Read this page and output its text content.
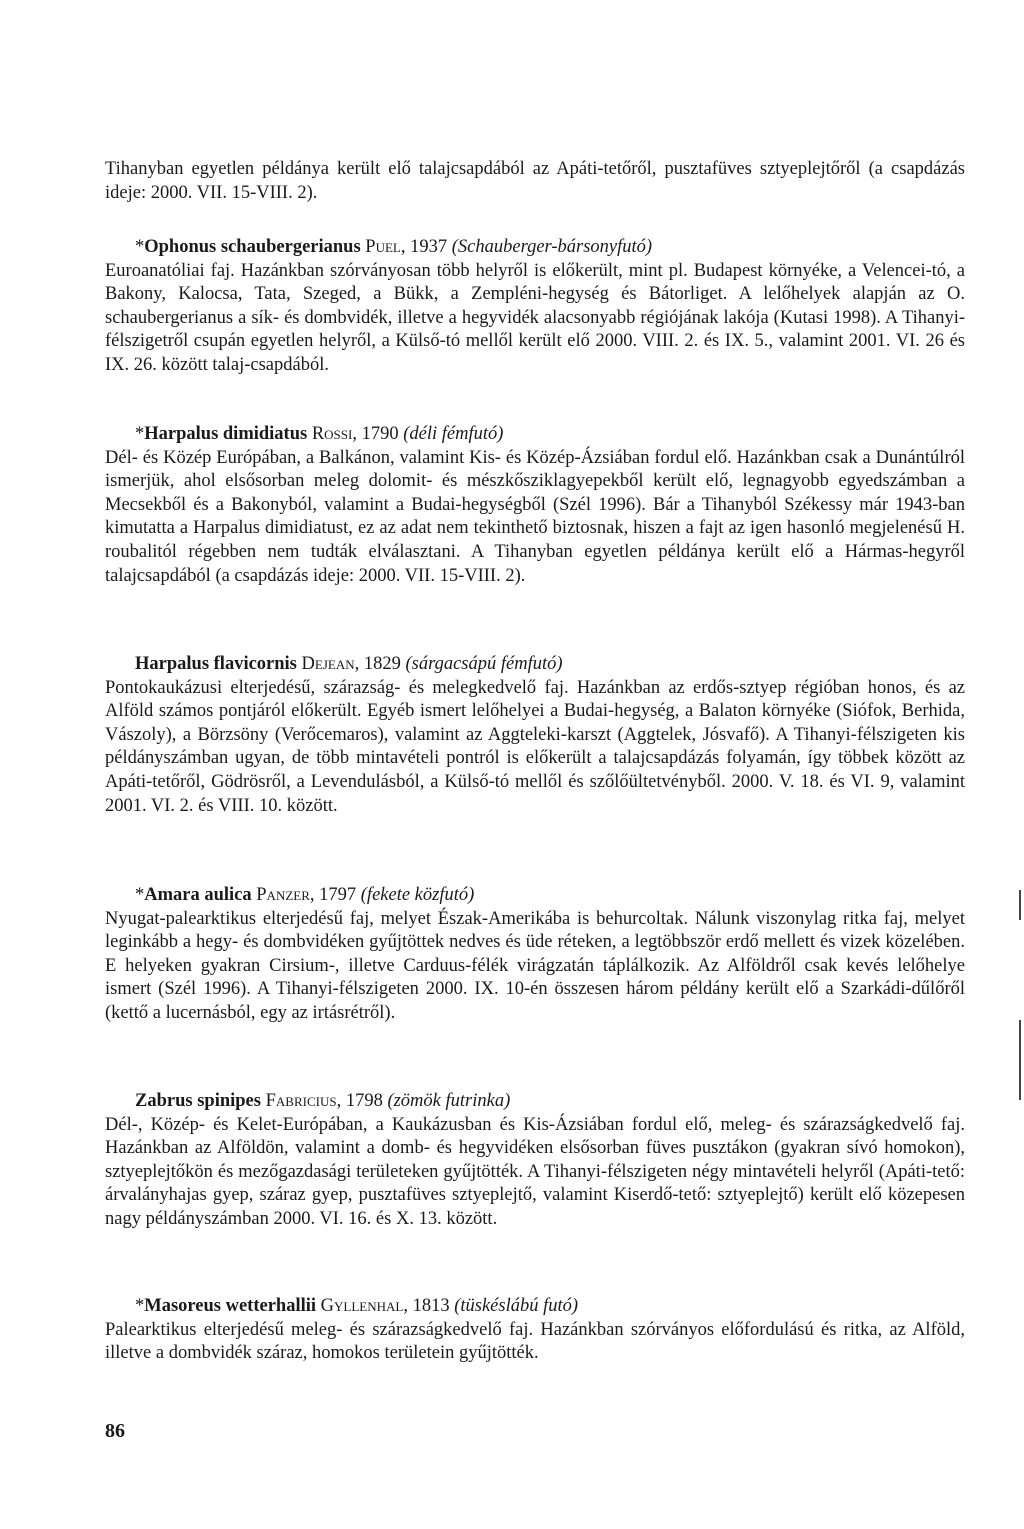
Tihanyban egyetlen példánya került elő talajcsapdából az Apáti-tetőről, pusztafüves sztyeplejtőről (a csapdázás ideje: 2000. VII. 15-VIII. 2).

*Ophonus schaubergerianus Puel, 1937 (Schauberger-bársonyfutó)
Euroanatóliai faj. Hazánkban szórványosan több helyről is előkerült, mint pl. Budapest környéke, a Velencei-tó, a Bakony, Kalocsa, Tata, Szeged, a Bükk, a Zempléni-hegység és Bátorliget. A lelőhelyek alapján az O. schaubergerianus a sík- és dombvidék, illetve a hegyvidék alacsonyabb régiójának lakója (Kutasi 1998). A Tihanyi-félszigetről csupán egyetlen helyről, a Külső-tó mellől került elő 2000. VIII. 2. és IX. 5., valamint 2001. VI. 26 és IX. 26. között talaj-csapdából.
*Harpalus dimidiatus Rossi, 1790 (déli fémfutó)
Dél- és Közép Európában, a Balkánon, valamint Kis- és Közép-Ázsiában fordul elő. Hazánkban csak a Dunántúlról ismerjük, ahol elsősorban meleg dolomit- és mészkősziklagyepekből került elő, legnagyobb egyedszámban a Mecsekből és a Bakonyból, valamint a Budai-hegységből (Szél 1996). Bár a Tihanyból Székessy már 1943-ban kimutatta a Harpalus dimidiatust, ez az adat nem tekinthető biztosnak, hiszen a fajt az igen hasonló megjelenésű H. roubalitól régebben nem tudták elválasztani. A Tihanyban egyetlen példánya került elő a Hármas-hegyről talajcsapdából (a csapdázás ideje: 2000. VII. 15-VIII. 2).
Harpalus flavicornis Dejean, 1829 (sárgacsápú fémfutó)
Pontokaukázusi elterjedésű, szárazság- és melegkedvelő faj. Hazánkban az erdős-sztyep régióban honos, és az Alföld számos pontjáról előkerült. Egyéb ismert lelőhelyei a Budai-hegység, a Balaton környéke (Siófok, Berhida, Vászoly), a Börzsöny (Verőcemaros), valamint az Aggteleki-karszt (Aggtelek, Jósvafő). A Tihanyi-félszigeten kis példányszámban ugyan, de több mintavételi pontról is előkerült a talajcsapdázás folyamán, így többek között az Apáti-tetőről, Gödrösről, a Levendulásból, a Külső-tó mellől és szőlőültetvényből. 2000. V. 18. és VI. 9, valamint 2001. VI. 2. és VIII. 10. között.
*Amara aulica Panzer, 1797 (fekete közfutó)
Nyugat-palearktikus elterjedésű faj, melyet Észak-Amerikába is behurcoltak. Nálunk viszonylag ritka faj, melyet leginkább a hegy- és dombvidéken gyűjtöttek nedves és üde réteken, a legtöbbször erdő mellett és vizek közelében. E helyeken gyakran Cirsium-, illetve Carduus-félék virágzatán táplálkozik. Az Alföldről csak kevés lelőhelye ismert (Szél 1996). A Tihanyi-félszigeten 2000. IX. 10-én összesen három példány került elő a Szarkádi-dűlőről (kettő a lucernásból, egy az irtásrétről).
Zabrus spinipes Fabricius, 1798 (zömök futrinka)
Dél-, Közép- és Kelet-Európában, a Kaukázusban és Kis-Ázsiában fordul elő, meleg- és szárazságkedvelő faj. Hazánkban az Alföldön, valamint a domb- és hegyvidéken elsősorban füves pusztákon (gyakran sívó homokon), sztyeplejtőkön és mezőgazdasági területeken gyűjtötték. A Tihanyi-félszigeten négy mintavételi helyről (Apáti-tető: árvalányhajas gyep, száraz gyep, pusztafüves sztyeplejtő, valamint Kiserdő-tető: sztyeplejtő) került elő közepesen nagy példányszámban 2000. VI. 16. és X. 13. között.
*Masoreus wetterhallii Gyllenhal, 1813 (tüskéslábú futó)
Palearktikus elterjedésű meleg- és szárazságkedvelő faj. Hazánkban szórványos előfordulású és ritka, az Alföld, illetve a dombvidék száraz, homokos területein gyűjtötték.
86
